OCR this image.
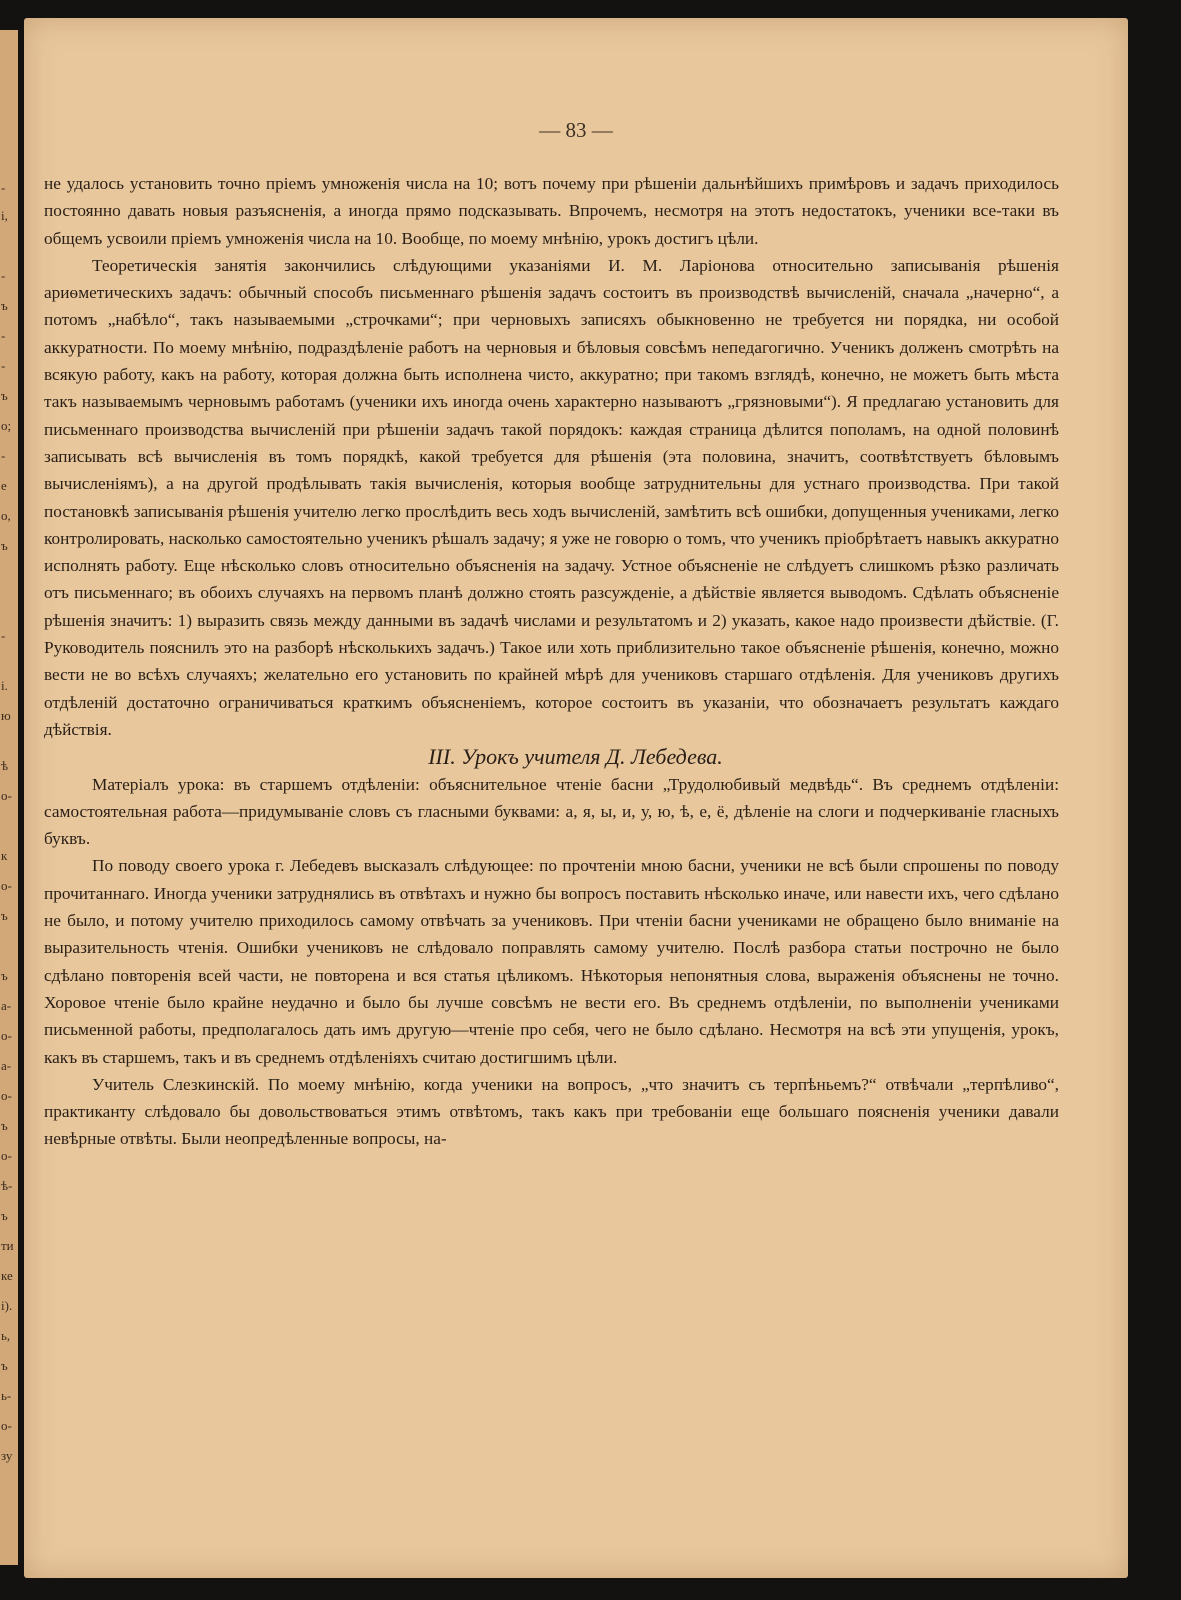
-
i,
-
ъ
-
-
ъ
o;
-
e
o,
ъ
-
i.
ю
ѣ
o-
к
o-
ъ
ъ
a-
o-
a-
o-
ъ
o-
ѣ-
ъ
ти
ке
i).
ь,
ъ
ь-
o-
зу
— 83 —

не удалось установить точно пріемъ умноженія числа на 10; вотъ почему при рѣшеніи дальнѣйшихъ примѣровъ и задачъ приходилось постоянно давать новыя разъясненія, а иногда прямо подсказывать. Впрочемъ, несмотря на этотъ недостатокъ, ученики все-таки въ общемъ усвоили пріемъ умноженія числа на 10. Вообще, по моему мнѣнію, урокъ достигъ цѣли.

Теоретическія занятія закончились слѣдующими указаніями И. М. Ларіонова относительно записыванія рѣшенія ариѳметическихъ задачъ: обычный способъ письменнаго рѣшенія задачъ состоитъ въ производствѣ вычисленій, сначала „начерно“, а потомъ „набѣло“, такъ называемыми „строчками“; при черновыхъ записяхъ обыкновенно не требуется ни порядка, ни особой аккуратности. По моему мнѣнію, подраздѣленіе работъ на черновыя и бѣловыя совсѣмъ непедагогично. Ученикъ долженъ смотрѣть на всякую работу, какъ на работу, которая должна быть исполнена чисто, аккуратно; при такомъ взглядѣ, конечно, не можетъ быть мѣста такъ называемымъ черновымъ работамъ (ученики ихъ иногда очень характерно называютъ „грязновыми“). Я предлагаю установить для письменнаго производства вычисленій при рѣшеніи задачъ такой порядокъ: каждая страница дѣлится пополамъ, на одной половинѣ записывать всѣ вычисленія въ томъ порядкѣ, какой требуется для рѣшенія (эта половина, значитъ, соотвѣтствуетъ бѣловымъ вычисленіямъ), а на другой продѣлывать такія вычисленія, которыя вообще затруднительны для устнаго производства. При такой постановкѣ записыванія рѣшенія учителю легко прослѣдить весь ходъ вычисленій, замѣтить всѣ ошибки, допущенныя учениками, легко контролировать, насколько самостоятельно ученикъ рѣшалъ задачу; я уже не говорю о томъ, что ученикъ пріобрѣтаетъ навыкъ аккуратно исполнять работу. Еще нѣсколько словъ относительно объясненія на задачу. Устное объясненіе не слѣдуетъ слишкомъ рѣзко различать отъ письменнаго; въ обоихъ случаяхъ на первомъ планѣ должно стоять разсужденіе, а дѣйствіе является выводомъ. Сдѣлать объясненіе рѣшенія значитъ: 1) выразить связь между данными въ задачѣ числами и результатомъ и 2) указать, какое надо произвести дѣйствіе. (Г. Руководитель пояснилъ это на разборѣ нѣсколькихъ задачъ.) Такое или хоть приблизительно такое объясненіе рѣшенія, конечно, можно вести не во всѣхъ случаяхъ; желательно его установить по крайней мѣрѣ для учениковъ старшаго отдѣленія. Для учениковъ другихъ отдѣленій достаточно ограничиваться краткимъ объясненіемъ, которое состоитъ въ указаніи, что обозначаетъ результатъ каждаго дѣйствія.

III. Урокъ учителя Д. Лебедева.

Матеріалъ урока: въ старшемъ отдѣленіи: объяснительное чтеніе басни „Трудолюбивый медвѣдь“. Въ среднемъ отдѣленіи: самостоятельная работа—придумываніе словъ съ гласными буквами: а, я, ы, и, у, ю, ѣ, е, ё, дѣленіе на слоги и подчеркиваніе гласныхъ буквъ.

По поводу своего урока г. Лебедевъ высказалъ слѣдующее: по прочтеніи мною басни, ученики не всѣ были спрошены по поводу прочитаннаго. Иногда ученики затруднялись въ отвѣтахъ и нужно бы вопросъ поставить нѣсколько иначе, или навести ихъ, чего сдѣлано не было, и потому учителю приходилось самому отвѣчать за учениковъ. При чтеніи басни учениками не обращено было вниманіе на выразительность чтенія. Ошибки учениковъ не слѣдовало поправлять самому учителю. Послѣ разбора статьи построчно не было сдѣлано повторенія всей части, не повторена и вся статья цѣликомъ. Нѣкоторыя непонятныя слова, выраженія объяснены не точно. Хоровое чтеніе было крайне неудачно и было бы лучше совсѣмъ не вести его. Въ среднемъ отдѣленіи, по выполненіи учениками письменной работы, предполагалось дать имъ другую—чтеніе про себя, чего не было сдѣлано. Несмотря на всѣ эти упущенія, урокъ, какъ въ старшемъ, такъ и въ среднемъ отдѣленіяхъ считаю достигшимъ цѣли.

Учитель Слезкинскій. По моему мнѣнію, когда ученики на вопросъ, „что значитъ съ терпѣньемъ?“ отвѣчали „терпѣливо“, практиканту слѣдовало бы довольствоваться этимъ отвѣтомъ, такъ какъ при требованіи еще большаго поясненія ученики давали невѣрные отвѣты. Были неопредѣленные вопросы, на-
